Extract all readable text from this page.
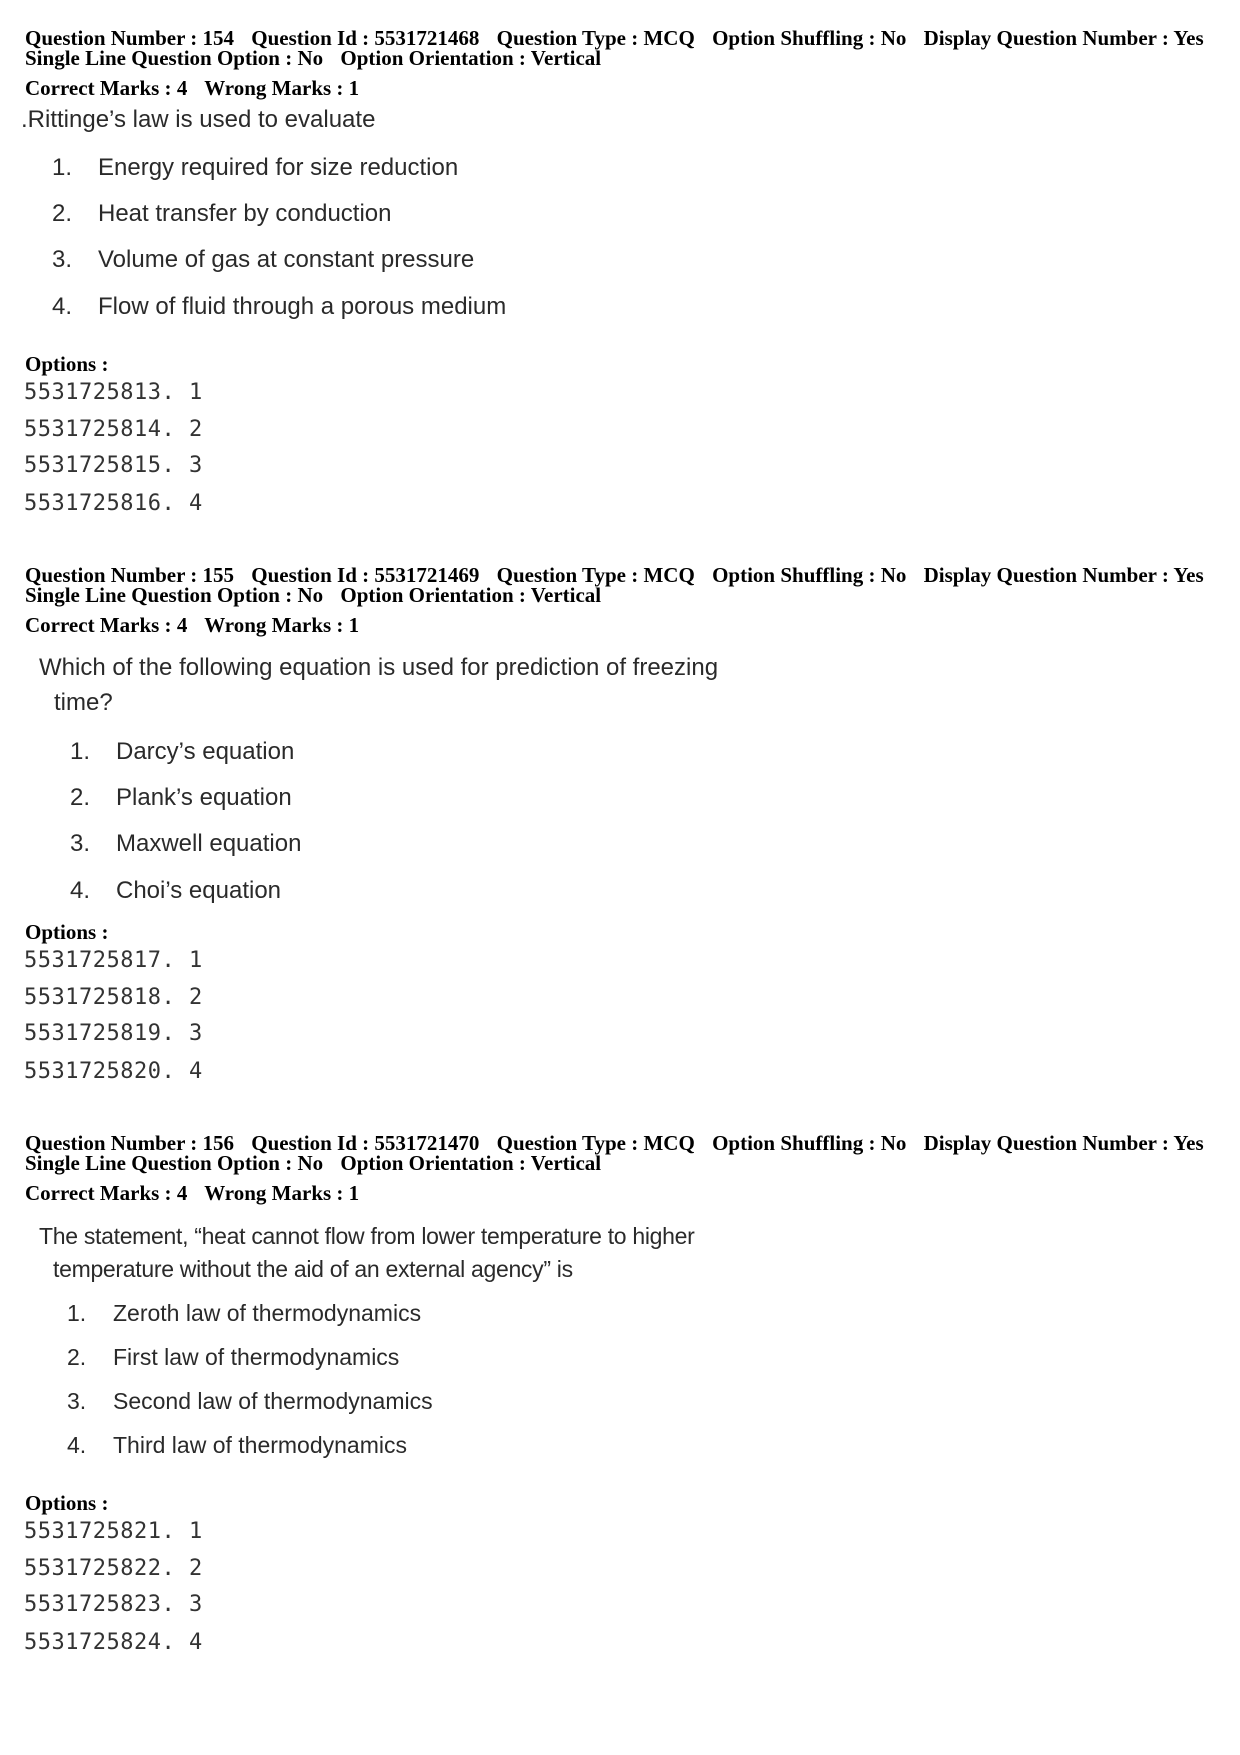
Question Number : 154 Question Id : 5531721468 Question Type : MCQ Option Shuffling : No Display Question Number : Yes
Single Line Question Option : No Option Orientation : Vertical
Correct Marks : 4 Wrong Marks : 1
.Rittinge’s law is used to evaluate
1. Energy required for size reduction
2. Heat transfer by conduction
3. Volume of gas at constant pressure
4. Flow of fluid through a porous medium
Options :
5531725813. 1
5531725814. 2
5531725815. 3
5531725816. 4
Question Number : 155 Question Id : 5531721469 Question Type : MCQ Option Shuffling : No Display Question Number : Yes
Single Line Question Option : No Option Orientation : Vertical
Correct Marks : 4 Wrong Marks : 1
Which of the following equation is used for prediction of freezing
time?
1. Darcy’s equation
2. Plank’s equation
3. Maxwell equation
4. Choi’s equation
Options :
5531725817. 1
5531725818. 2
5531725819. 3
5531725820. 4
Question Number : 156 Question Id : 5531721470 Question Type : MCQ Option Shuffling : No Display Question Number : Yes
Single Line Question Option : No Option Orientation : Vertical
Correct Marks : 4 Wrong Marks : 1
The statement, “heat cannot flow from lower temperature to higher
temperature without the aid of an external agency” is
1. Zeroth law of thermodynamics
2. First law of thermodynamics
3. Second law of thermodynamics
4. Third law of thermodynamics
Options :
5531725821. 1
5531725822. 2
5531725823. 3
5531725824. 4
